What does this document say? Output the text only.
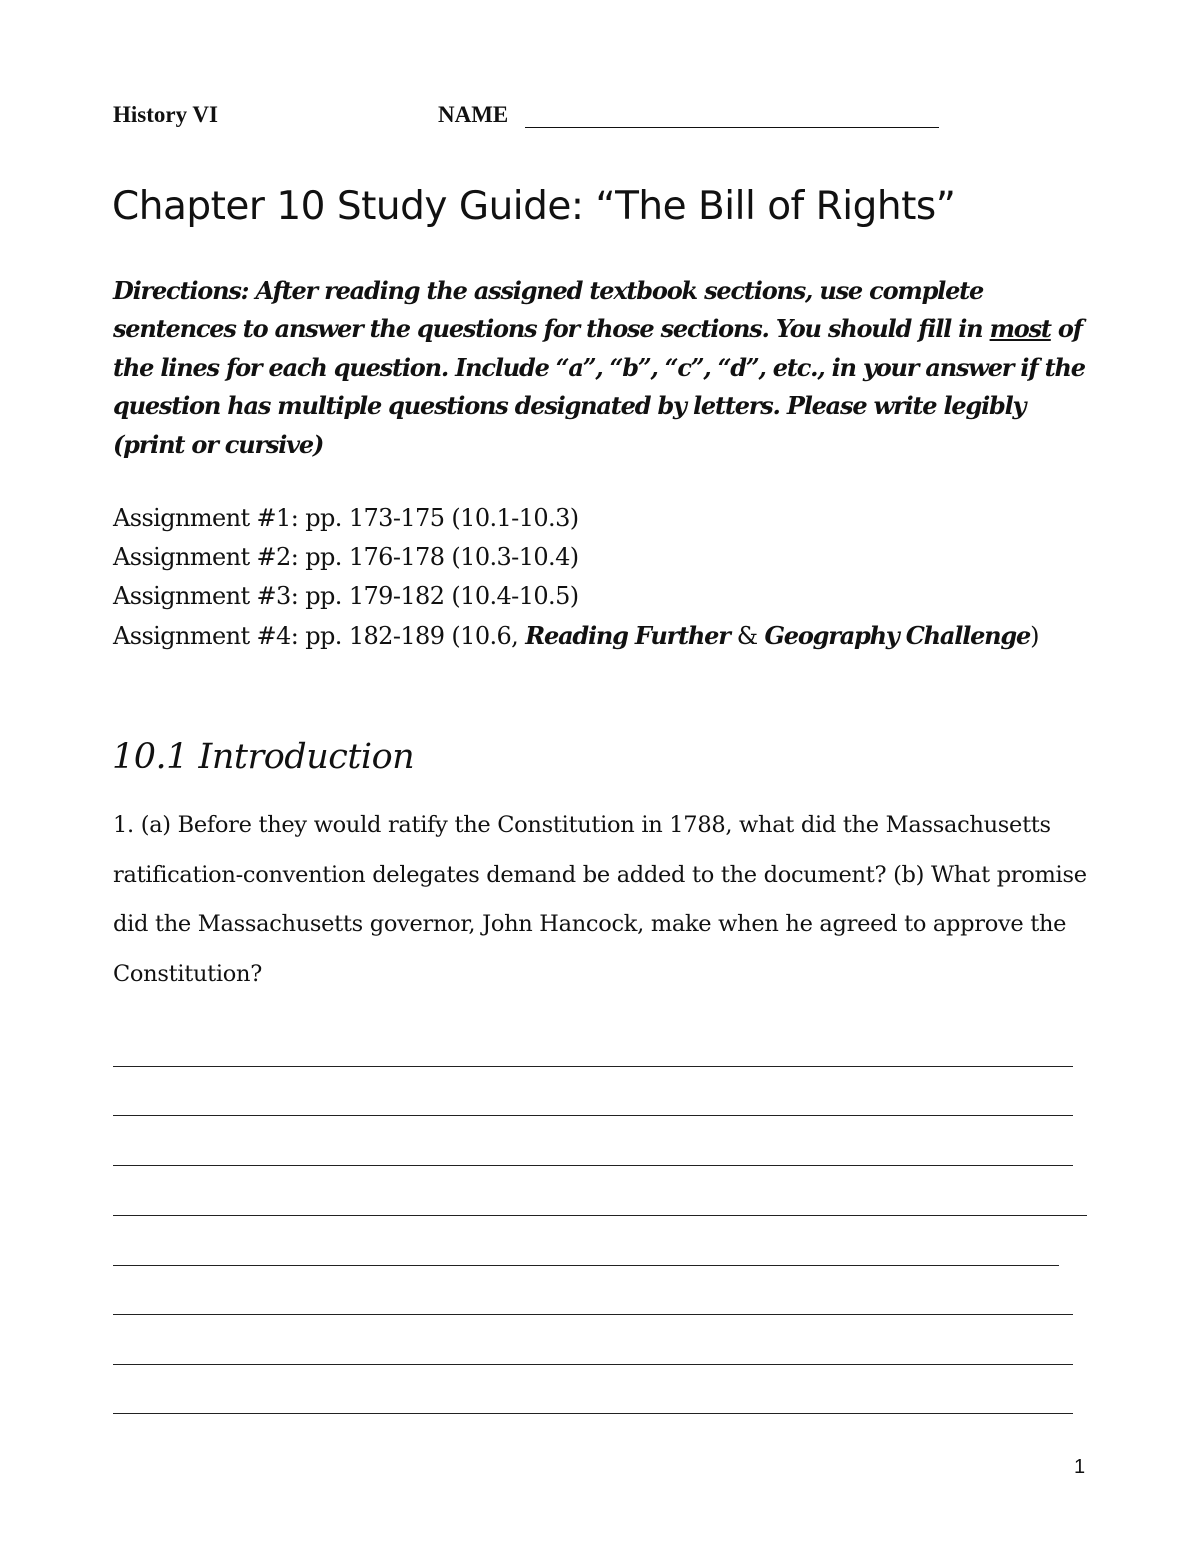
History VI	NAME
Chapter 10 Study Guide: “The Bill of Rights”
Directions: After reading the assigned textbook sections, use complete sentences to answer the questions for those sections. You should fill in most of the lines for each question. Include “a”, “b”, “c”, “d”, etc., in your answer if the question has multiple questions designated by letters. Please write legibly (print or cursive)
Assignment #1: pp. 173-175 (10.1-10.3)
Assignment #2: pp. 176-178 (10.3-10.4)
Assignment #3: pp. 179-182 (10.4-10.5)
Assignment #4: pp. 182-189 (10.6, Reading Further & Geography Challenge)
10.1 Introduction
1. (a) Before they would ratify the Constitution in 1788, what did the Massachusetts ratification-convention delegates demand be added to the document? (b) What promise did the Massachusetts governor, John Hancock, make when he agreed to approve the Constitution?
1
